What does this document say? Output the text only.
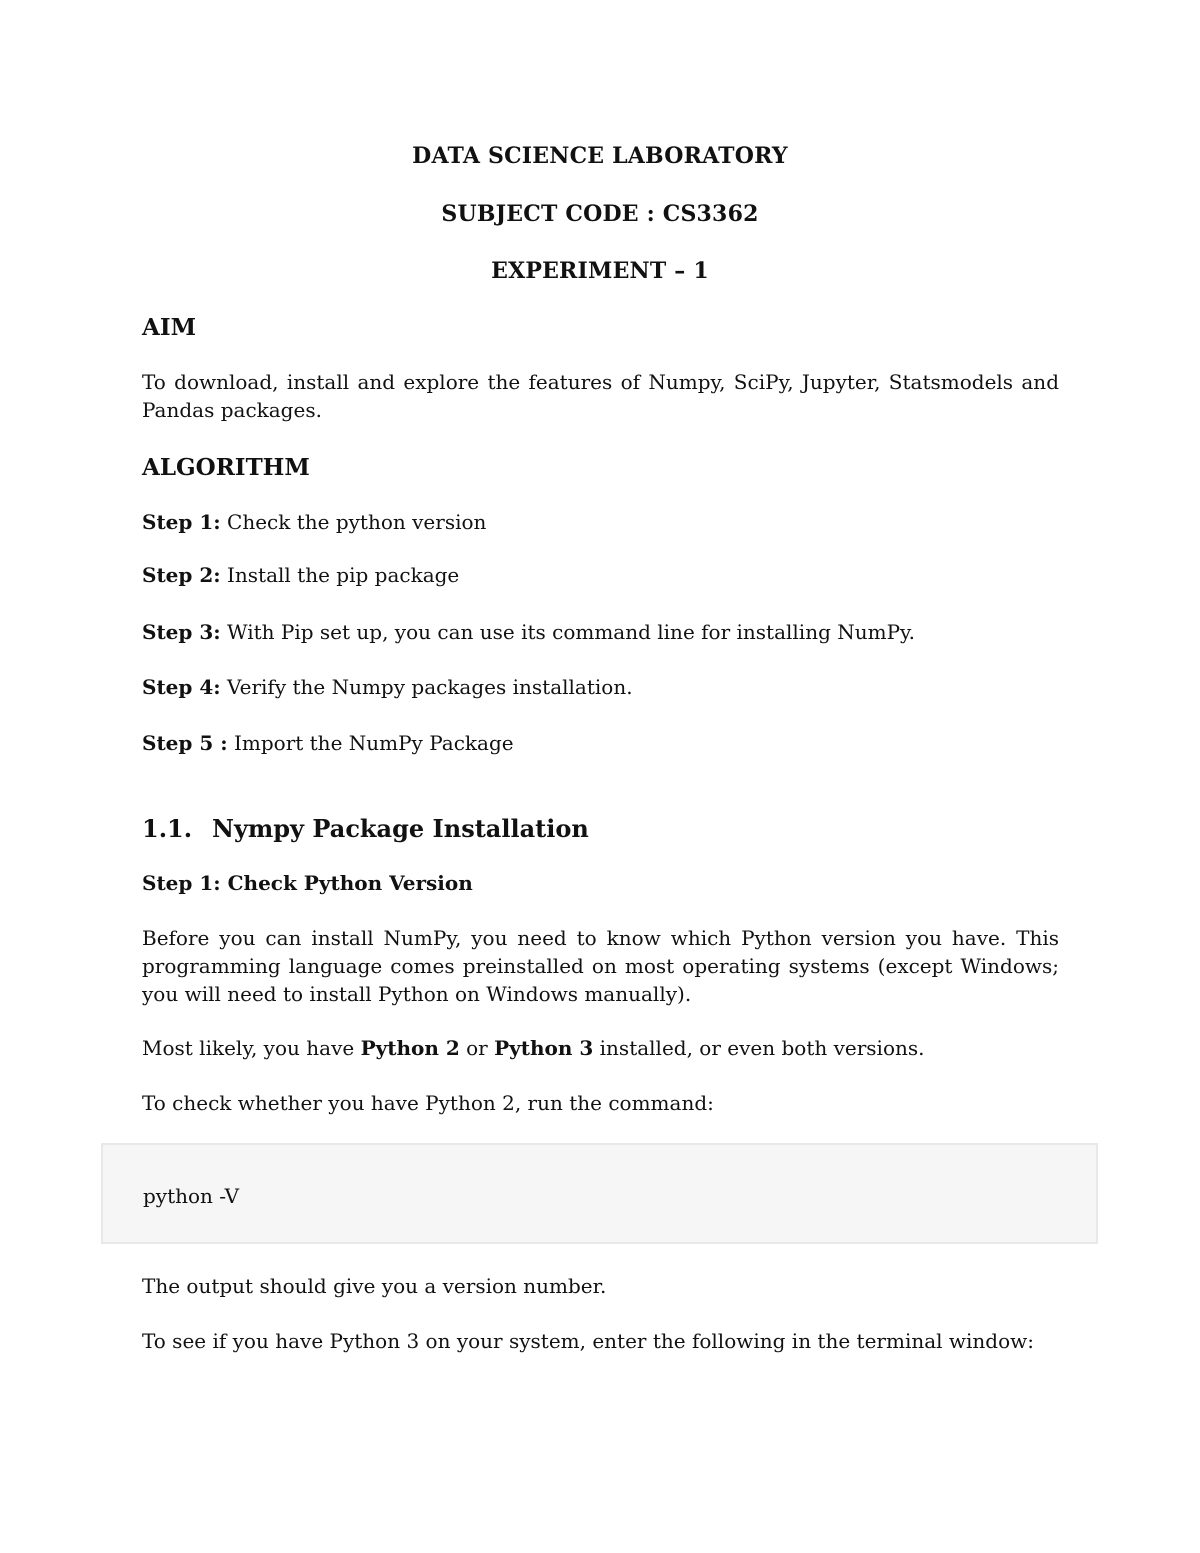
DATA SCIENCE LABORATORY
SUBJECT CODE : CS3362
EXPERIMENT – 1
AIM
To download, install and explore the features of Numpy, SciPy, Jupyter, Statsmodels and Pandas packages.
ALGORITHM
Step 1: Check the python version
Step 2: Install the pip package
Step 3: With Pip set up, you can use its command line for installing NumPy.
Step 4: Verify the Numpy packages installation.
Step 5 : Import the NumPy Package
1.1. Nympy Package Installation
Step 1: Check Python Version
Before you can install NumPy, you need to know which Python version you have. This programming language comes preinstalled on most operating systems (except Windows; you will need to install Python on Windows manually).
Most likely, you have Python 2 or Python 3 installed, or even both versions.
To check whether you have Python 2, run the command:
python -V
The output should give you a version number.
To see if you have Python 3 on your system, enter the following in the terminal window:
